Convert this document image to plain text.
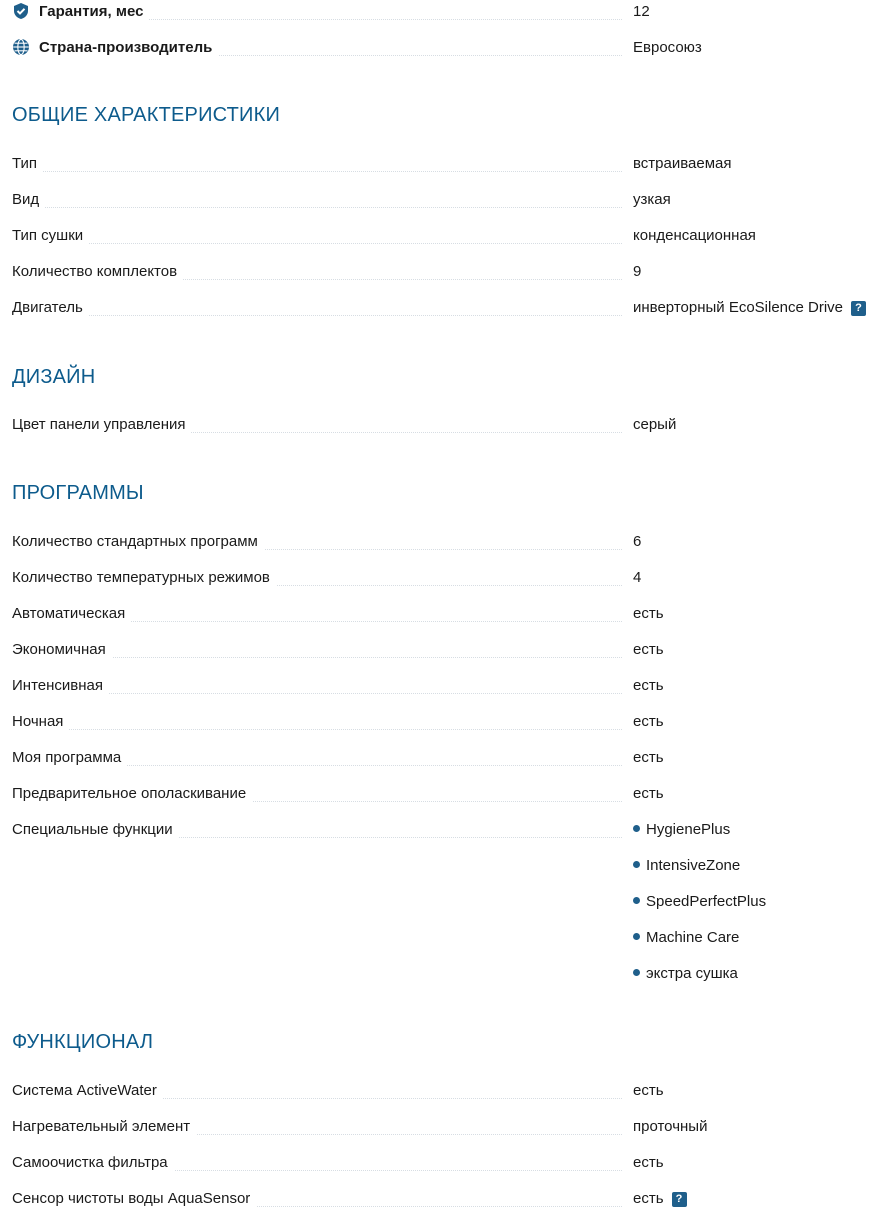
Гарантия, мес	12
Страна-производитель	Евросоюз
ОБЩИЕ ХАРАКТЕРИСТИКИ
Тип	встраиваемая
Вид	узкая
Тип сушки	конденсационная
Количество комплектов	9
Двигатель	инверторный EcoSilence Drive ?
ДИЗАЙН
Цвет панели управления	серый
ПРОГРАММЫ
Количество стандартных программ	6
Количество температурных режимов	4
Автоматическая	есть
Экономичная	есть
Интенсивная	есть
Ночная	есть
Моя программа	есть
Предварительное ополаскивание	есть
Специальные функции	HygienePlus
IntensiveZone
SpeedPerfectPlus
Machine Care
экстра сушка
ФУНКЦИОНАЛ
Система ActiveWater	есть
Нагревательный элемент	проточный
Самоочистка фильтра	есть
Сенсор чистоты воды AquaSensor	есть ?
